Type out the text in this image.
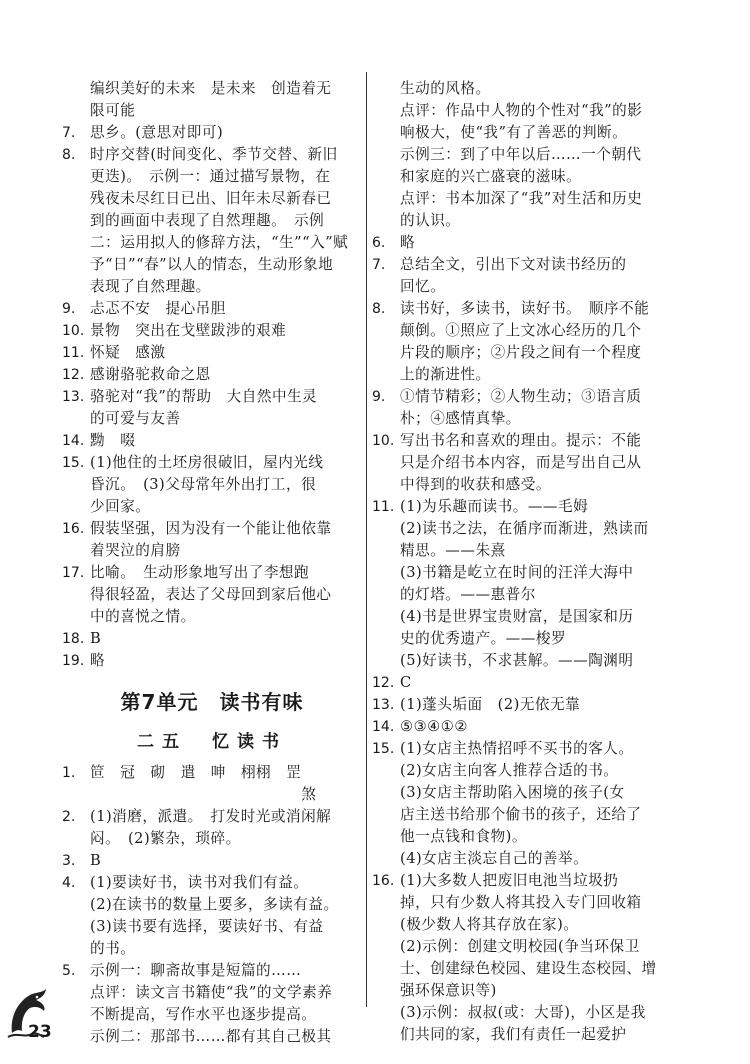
编织美好的未来　是未来　创造着无
限可能
7.	思乡。(意思对即可)
8.	时序交替(时间变化、季节交替、新旧
更迭)。　示例一：通过描写景物，在
残夜未尽红日已出、旧年未尽新春已
到的画面中表现了自然理趣。　示例
二：运用拟人的修辞方法，“生”“入”赋
予“日”“春”以人的情态，生动形象地
表现了自然理趣。
9.	忐忑不安　提心吊胆
10. 景物　突出在戈壁跋涉的艰难
11. 怀疑　感激
12. 感谢骆驼救命之恩
13. 骆驼对“我”的帮助　大自然中生灵
的可爱与友善
14. 黝　啜
15. (1)他住的土坯房很破旧，屋内光线
昏沉。　(3)父母常年外出打工，很
少回家。
16. 假装坚强，因为没有一个能让他依靠
着哭泣的肩膀
17. 比喻。　生动形象地写出了李想跑
得很轻盈，表达了父母回到家后他心
中的喜悦之情。
18. B
19. 略
第7单元　读书有味
二五　忆读书
1.	笸　冠　砌　遣　呻　栩栩　罡
　　　　　　　　　　　　　　煞
2.	(1)消磨，派遣。　打发时光或消闲解
闷。　(2)繁杂，琐碎。
3.	B
4.	(1)要读好书，读书对我们有益。
(2)在读书的数量上要多，多读有益。
(3)读书要有选择，要读好书、有益
的书。
5.	示例一：聊斋故事是短篇的……
点评：读文言书籍使“我”的文学素养
不断提高，写作水平也逐步提高。
示例二：那部书……都有其自己极其
生动的风格。
点评：作品中人物的个性对“我”的影
响极大，使“我”有了善恶的判断。
示例三：到了中年以后……一个朝代
和家庭的兴亡盛衰的滋味。
点评：书本加深了“我”对生活和历史
的认识。
6.	略
7.	总结全文，引出下文对读书经历的
回忆。
8.	读书好，多读书，读好书。　顺序不能
颠倒。①照应了上文冰心经历的几个
片段的顺序；②片段之间有一个程度
上的渐进性。
9.	①情节精彩；②人物生动；③语言质
朴；④感情真挚。
10. 写出书名和喜欢的理由。提示：不能
只是介绍书本内容，而是写出自己从
中得到的收获和感受。
11. (1)为乐趣而读书。——毛姆
(2)读书之法，在循序而渐进，熟读而
精思。——朱熹
(3)书籍是屹立在时间的汪洋大海中
的灯塔。——惠普尔
(4)书是世界宝贵财富，是国家和历
史的优秀遗产。——梭罗
(5)好读书，不求甚解。——陶渊明
12. C
13. (1)蓬头垢面　(2)无依无靠
14. ⑤③④①②
15. (1)女店主热情招呼不买书的客人。
(2)女店主向客人推荐合适的书。
(3)女店主帮助陷入困境的孩子(女
店主送书给那个偷书的孩子，还给了
他一点钱和食物)。
(4)女店主淡忘自己的善举。
16. (1)大多数人把废旧电池当垃圾扔
掉，只有少数人将其投入专门回收箱
(极少数人将其存放在家)。
(2)示例：创建文明校园(争当环保卫
士、创建绿色校园、建设生态校园、增
强环保意识等)
(3)示例：叔叔(或：大哥)，小区是我
们共同的家，我们有责任一起爱护
23
